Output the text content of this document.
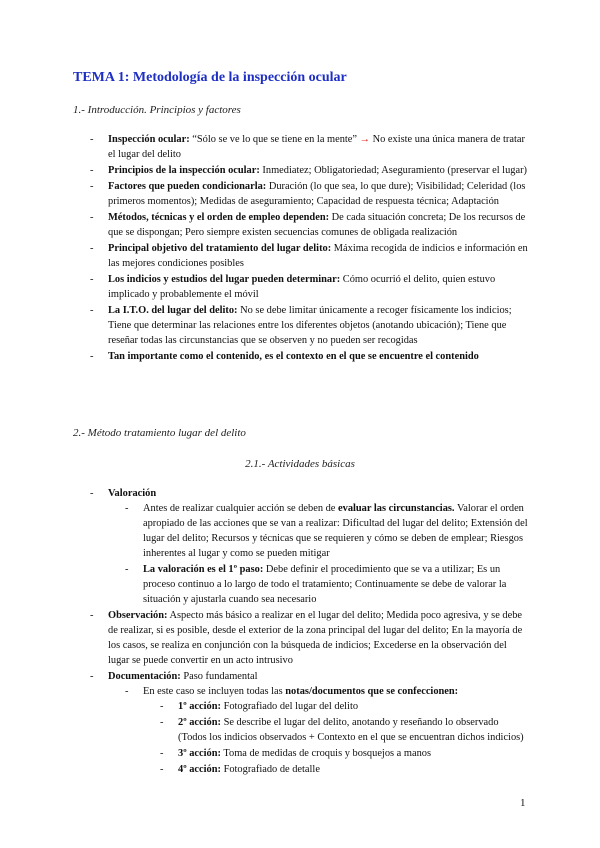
TEMA 1: Metodología de la inspección ocular
1.- Introducción. Principios y factores
- Inspección ocular: “Sólo se ve lo que se tiene en la mente” → No existe una única manera de tratar el lugar del delito
- Principios de la inspección ocular: Inmediatez; Obligatoriedad; Aseguramiento (preservar el lugar)
- Factores que pueden condicionarla: Duración (lo que sea, lo que dure); Visibilidad; Celeridad (los primeros momentos); Medidas de aseguramiento; Capacidad de respuesta técnica; Adaptación
- Métodos, técnicas y el orden de empleo dependen: De cada situación concreta; De los recursos de que se dispongan; Pero siempre existen secuencias comunes de obligada realización
- Principal objetivo del tratamiento del lugar delito: Máxima recogida de indicios e información en las mejores condiciones posibles
- Los indicios y estudios del lugar pueden determinar: Cómo ocurrió el delito, quien estuvo implicado y probablemente el móvil
- La I.T.O. del lugar del delito: No se debe limitar únicamente a recoger físicamente los indicios; Tiene que determinar las relaciones entre los diferentes objetos (anotando ubicación); Tiene que reseñar todas las circunstancias que se observen y no pueden ser recogidas
- Tan importante como el contenido, es el contexto en el que se encuentre el contenido
2.- Método tratamiento lugar del delito
2.1.- Actividades básicas
- Valoración
- Antes de realizar cualquier acción se deben de evaluar las circunstancias. Valorar el orden apropiado de las acciones que se van a realizar: Dificultad del lugar del delito; Extensión del lugar del delito; Recursos y técnicas que se requieren y cómo se deben de emplear; Riesgos inherentes al lugar y como se pueden mitigar
- La valoración es el 1º paso: Debe definir el procedimiento que se va a utilizar; Es un proceso continuo a lo largo de todo el tratamiento; Continuamente se debe de valorar la situación y ajustarla cuando sea necesario
- Observación: Aspecto más básico a realizar en el lugar del delito; Medida poco agresiva, y se debe de realizar, si es posible, desde el exterior de la zona principal del lugar del delito; En la mayoría de los casos, se realiza en conjunción con la búsqueda de indicios; Excederse en la observación del lugar se puede convertir en un acto intrusivo
- Documentación: Paso fundamental
- En este caso se incluyen todas las notas/documentos que se confeccionen:
- 1º acción: Fotografiado del lugar del delito
- 2º acción: Se describe el lugar del delito, anotando y reseñando lo observado (Todos los indicios observados + Contexto en el que se encuentran dichos indicios)
- 3º acción: Toma de medidas de croquis y bosquejos a manos
- 4º acción: Fotografiado de detalle
1
